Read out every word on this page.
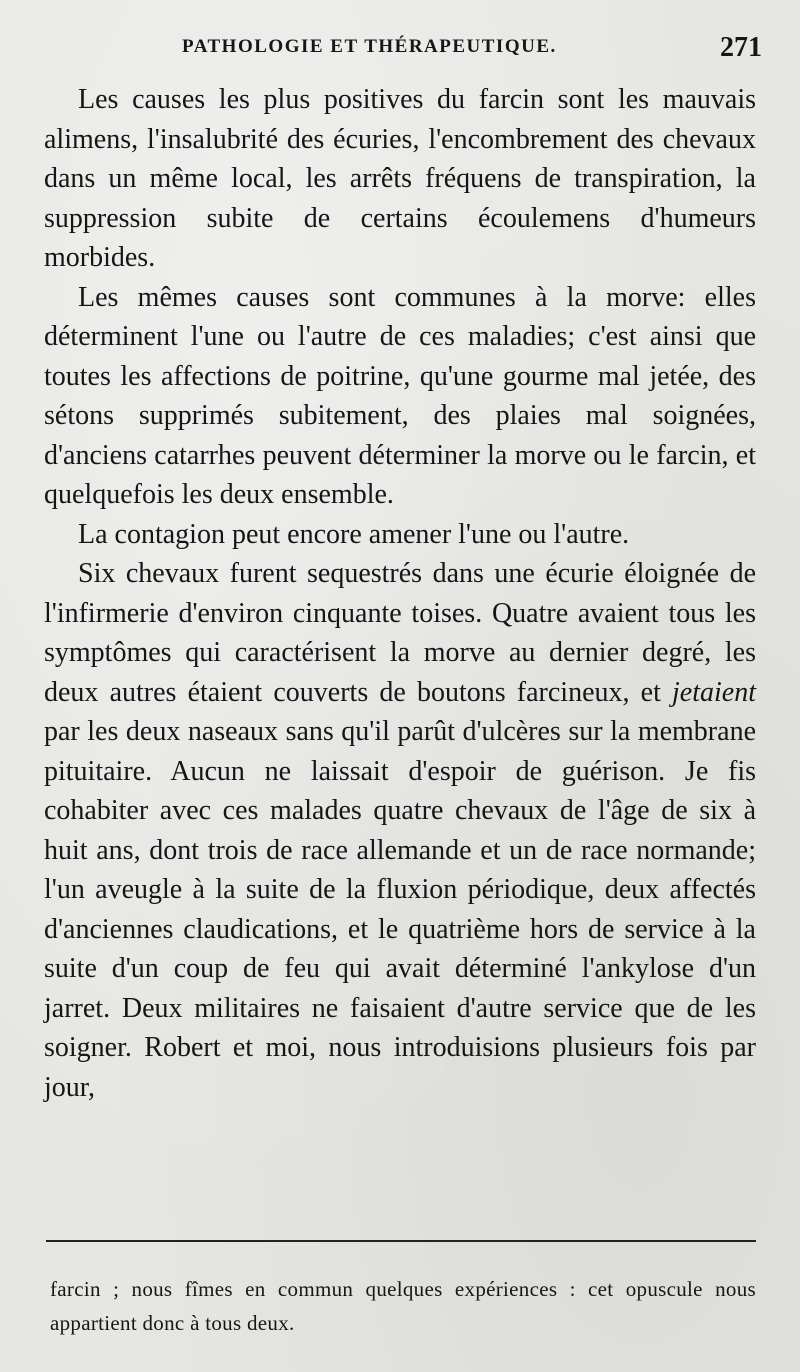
PATHOLOGIE ET THÉRAPEUTIQUE.	271

Les causes les plus positives du farcin sont les mauvais alimens, l'insalubrité des écuries, l'encombrement des chevaux dans un même local, les arrêts fréquens de transpiration, la suppression subite de certains écoulemens d'humeurs morbides.

Les mêmes causes sont communes à la morve: elles déterminent l'une ou l'autre de ces maladies; c'est ainsi que toutes les affections de poitrine, qu'une gourme mal jetée, des sétons supprimés subitement, des plaies mal soignées, d'anciens catarrhes peuvent déterminer la morve ou le farcin, et quelquefois les deux ensemble.

La contagion peut encore amener l'une ou l'autre.

Six chevaux furent sequestrés dans une écurie éloignée de l'infirmerie d'environ cinquante toises. Quatre avaient tous les symptômes qui caractérisent la morve au dernier degré, les deux autres étaient couverts de boutons farcineux, et jetaient par les deux naseaux sans qu'il parût d'ulcères sur la membrane pituitaire. Aucun ne laissait d'espoir de guérison. Je fis cohabiter avec ces malades quatre chevaux de l'âge de six à huit ans, dont trois de race allemande et un de race normande; l'un aveugle à la suite de la fluxion périodique, deux affectés d'anciennes claudications, et le quatrième hors de service à la suite d'un coup de feu qui avait déterminé l'ankylose d'un jarret. Deux militaires ne faisaient d'autre service que de les soigner. Robert et moi, nous introduisions plusieurs fois par jour,

farcin ; nous fîmes en commun quelques expériences : cet opuscule nous appartient donc à tous deux.
